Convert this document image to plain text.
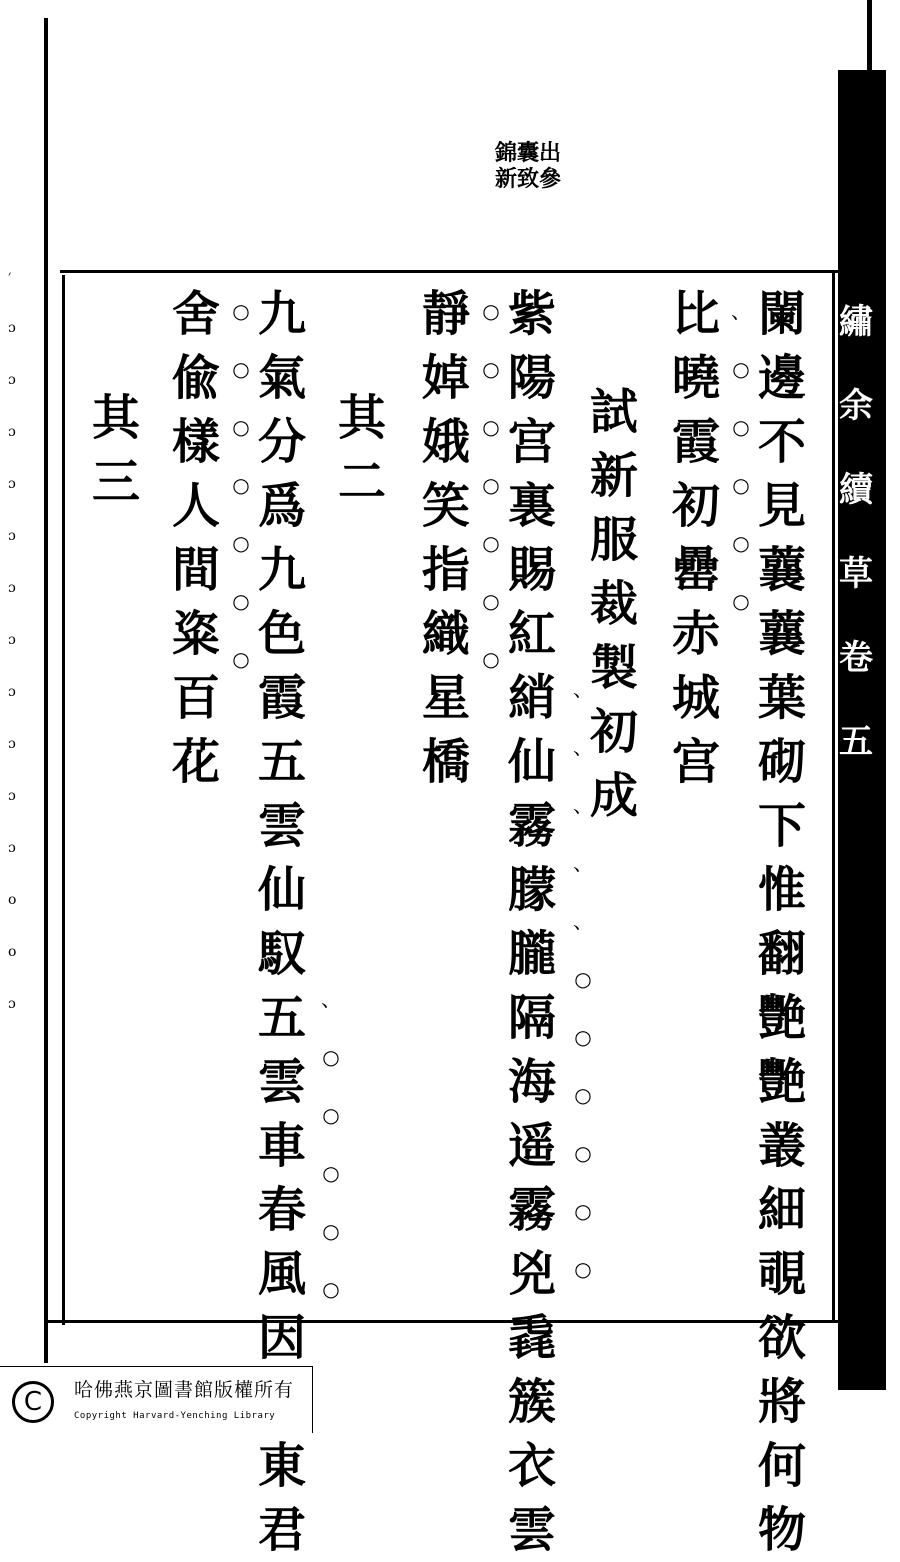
繡余續草 卷五
錦囊出新致參
׳
ɔ
ɔ
ɔ
ɔ
ɔ
ɔ
ɔ
ɔ
ɔ
ɔ
ɔ
o
o
ɔ
闌邊不見蘘蘘葉砌下惟翻艷艷叢細覗欲將何物
比曉霞初罍赤城宫
試新服裁製初成
紫陽宫裏賜紅綃仙霧朦朧隔海遥霧兇毳簇衣雲
靜婥娥笑指織星橋
其二
九氣分爲九色霞五雲仙馭五雲車春風因 東君
舍偸樣人間粢百花
其三
、
○
○
○
○
○
○
○
○
○
○
○
○
、
、
、
、
、
○
○
○
○
○
○
○
○
○
○
○
○
○
、
○
○
○
○
○
C	哈佛燕京圖書館版權所有
Copyright Harvard-Yenching Library
